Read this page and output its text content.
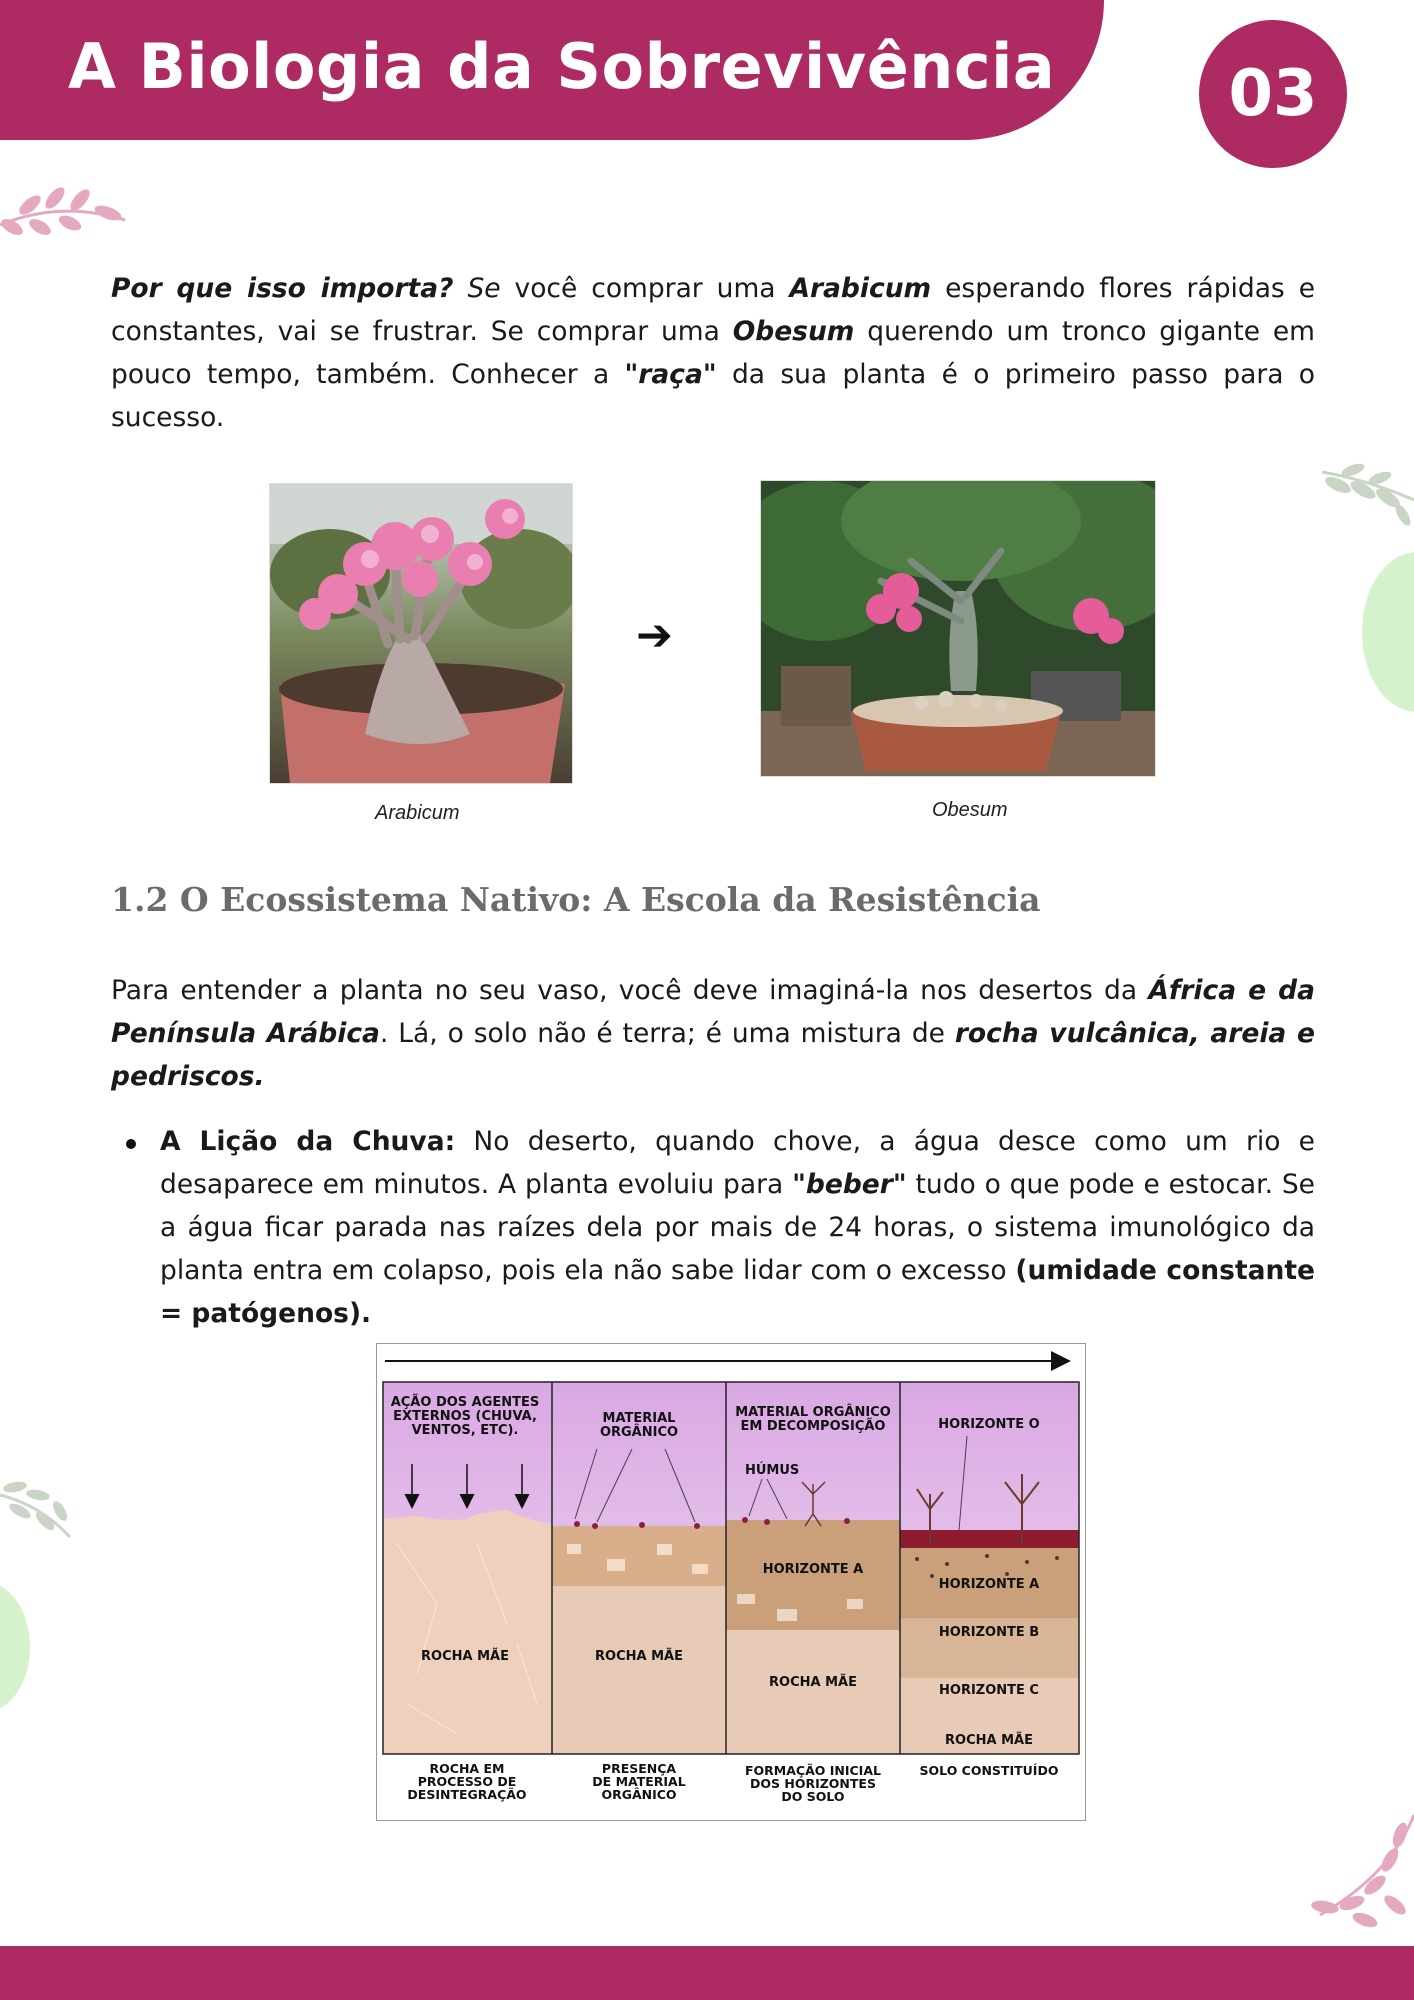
A Biologia da Sobrevivência	03
Por que isso importa? Se você comprar uma Arabicum esperando flores rápidas e constantes, vai se frustrar. Se comprar uma Obesum querendo um tronco gigante em pouco tempo, também. Conhecer a "raça" da sua planta é o primeiro passo para o sucesso.
➔
Arabicum	Obesum
1.2 O Ecossistema Nativo: A Escola da Resistência
Para entender a planta no seu vaso, você deve imaginá-la nos desertos da África e da Península Arábica. Lá, o solo não é terra; é uma mistura de rocha vulcânica, areia e pedriscos.
A Lição da Chuva: No deserto, quando chove, a água desce como um rio e desaparece em minutos. A planta evoluiu para "beber" tudo o que pode e estocar. Se a água ficar parada nas raízes dela por mais de 24 horas, o sistema imunológico da planta entra em colapso, pois ela não sabe lidar com o excesso (umidade constante = patógenos).
AÇÃO DOS AGENTES
EXTERNOS (CHUVA,
VENTOS, ETC).
ROCHA MÃE
MATERIAL
ORGÂNICO
ROCHA MÃE
MATERIAL ORGÂNICO
EM DECOMPOSIÇÃO
HÚMUS
HORIZONTE A
ROCHA MÃE
HORIZONTE O
HORIZONTE A
HORIZONTE B
HORIZONTE C
ROCHA MÃE
ROCHA EM
PROCESSO DE
DESINTEGRAÇÃO
PRESENÇA
DE MATERIAL
ORGÂNICO
FORMAÇÃO INICIAL
DOS HORIZONTES
DO SOLO
SOLO CONSTITUÍDO
